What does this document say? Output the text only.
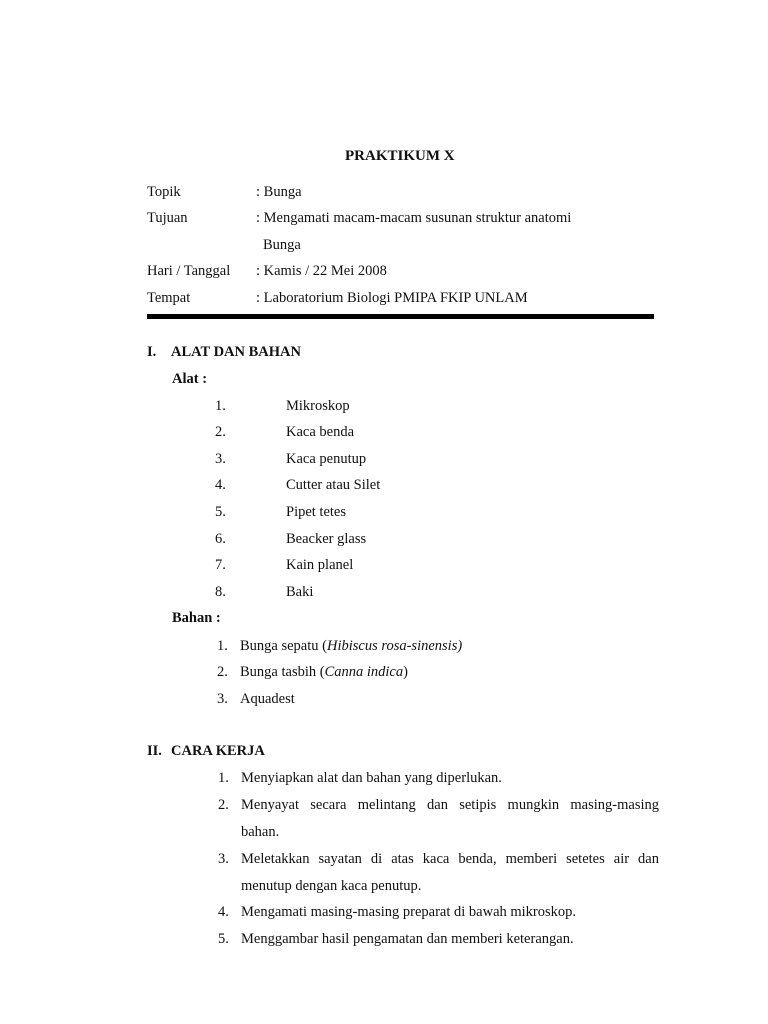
PRAKTIKUM X
Topik	: Bunga
Tujuan	: Mengamati macam-macam susunan struktur anatomi
Bunga
Hari / Tanggal : Kamis / 22 Mei 2008
Tempat	: Laboratorium Biologi PMIPA FKIP UNLAM
I. ALAT DAN BAHAN
Alat :
1.	Mikroskop
2.	Kaca benda
3.	Kaca penutup
4.	Cutter atau Silet
5.	Pipet tetes
6.	Beacker glass
7.	Kain planel
8.	Baki
Bahan :
1. Bunga sepatu (Hibiscus rosa-sinensis)
2. Bunga tasbih (Canna indica)
3. Aquadest
II. CARA KERJA
1. Menyiapkan alat dan bahan yang diperlukan.
2. Menyayat secara melintang dan setipis mungkin masing-masing
bahan.
3. Meletakkan sayatan di atas kaca benda, memberi setetes air dan
menutup dengan kaca penutup.
4. Mengamati masing-masing preparat di bawah mikroskop.
5. Menggambar hasil pengamatan dan memberi keterangan.
